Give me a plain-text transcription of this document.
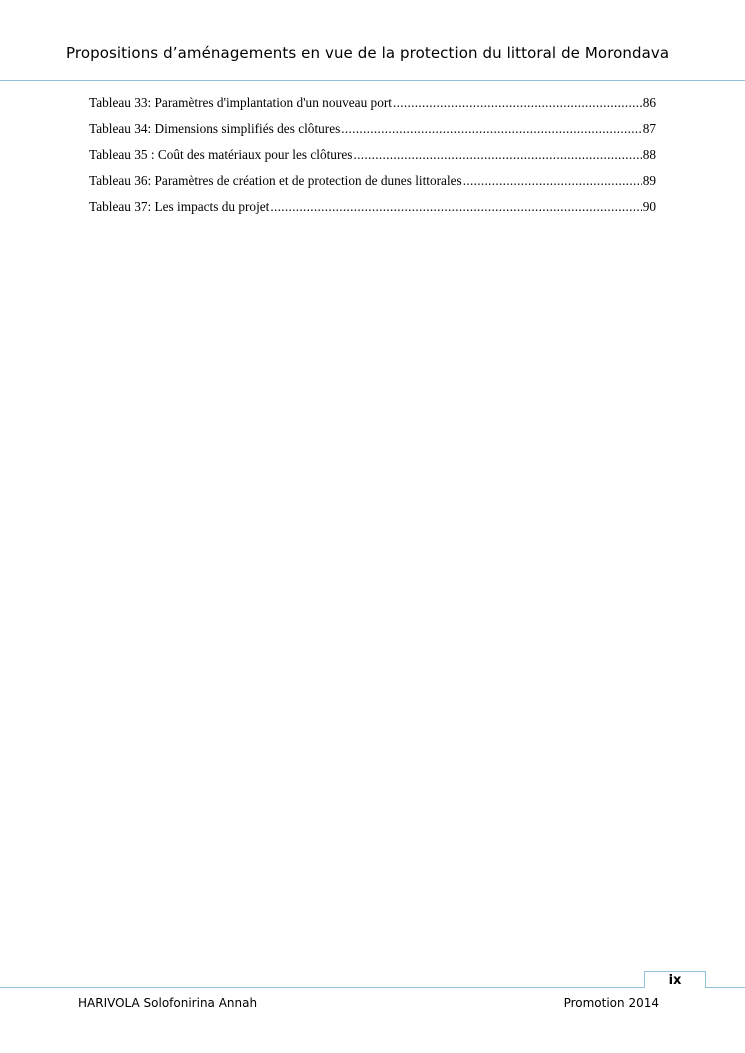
Propositions d’aménagements en vue de la protection du littoral de Morondava
Tableau 33: Paramètres d'implantation d'un nouveau port .....	86
Tableau 34: Dimensions simplifiés des clôtures .....	87
Tableau 35 : Coût des matériaux pour les clôtures .....	88
Tableau 36: Paramètres de création et de protection de dunes littorales .....	89
Tableau 37: Les impacts du projet .....	90
ix
HARIVOLA Solofonirina Annah	Promotion 2014
